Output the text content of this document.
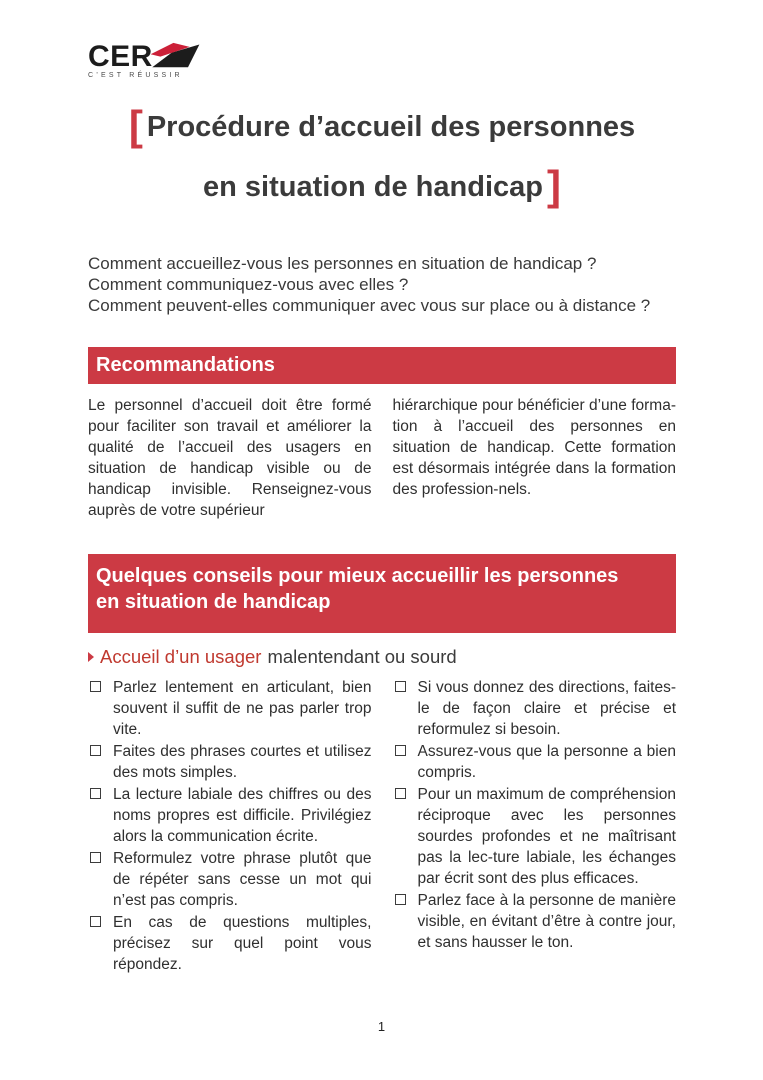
CER
C’EST RÉUSSIR
[ Procédure d’accueil des personnes
en situation de handicap]
Comment accueillez-vous les personnes en situation de handicap ?
Comment communiquez-vous avec elles ?
Comment peuvent-elles communiquer avec vous sur place ou à distance ?
Recommandations
Le personnel d’accueil doit être formé pour faciliter son travail et améliorer la qualité de l’accueil des usagers en situation de handicap visible ou de handicap invisible. Renseignez-vous auprès de votre supérieur
hiérarchique pour bénéficier d’une forma-tion à l’accueil des personnes en situation de handicap. Cette formation est désormais intégrée dans la formation des profession-nels.
Quelques conseils pour mieux accueillir les personnes
en situation de handicap
Accueil d’un usager malentendant ou sourd
Parlez lentement en articulant, bien souvent il suffit de ne pas parler trop vite.
Faites des phrases courtes et utilisez des mots simples.
La lecture labiale des chiffres ou des noms propres est difficile. Privilégiez alors la communication écrite.
Reformulez votre phrase plutôt que de répéter sans cesse un mot qui n’est pas compris.
En cas de questions multiples, précisez sur quel point vous répondez.
Si vous donnez des directions, faites-le de façon claire et précise et reformulez si besoin.
Assurez-vous que la personne a bien compris.
Pour un maximum de compréhension réciproque avec les personnes sourdes profondes et ne maîtrisant pas la lec-ture labiale, les échanges par écrit sont des plus efficaces.
Parlez face à la personne de manière visible, en évitant d’être à contre jour, et sans hausser le ton.
1
